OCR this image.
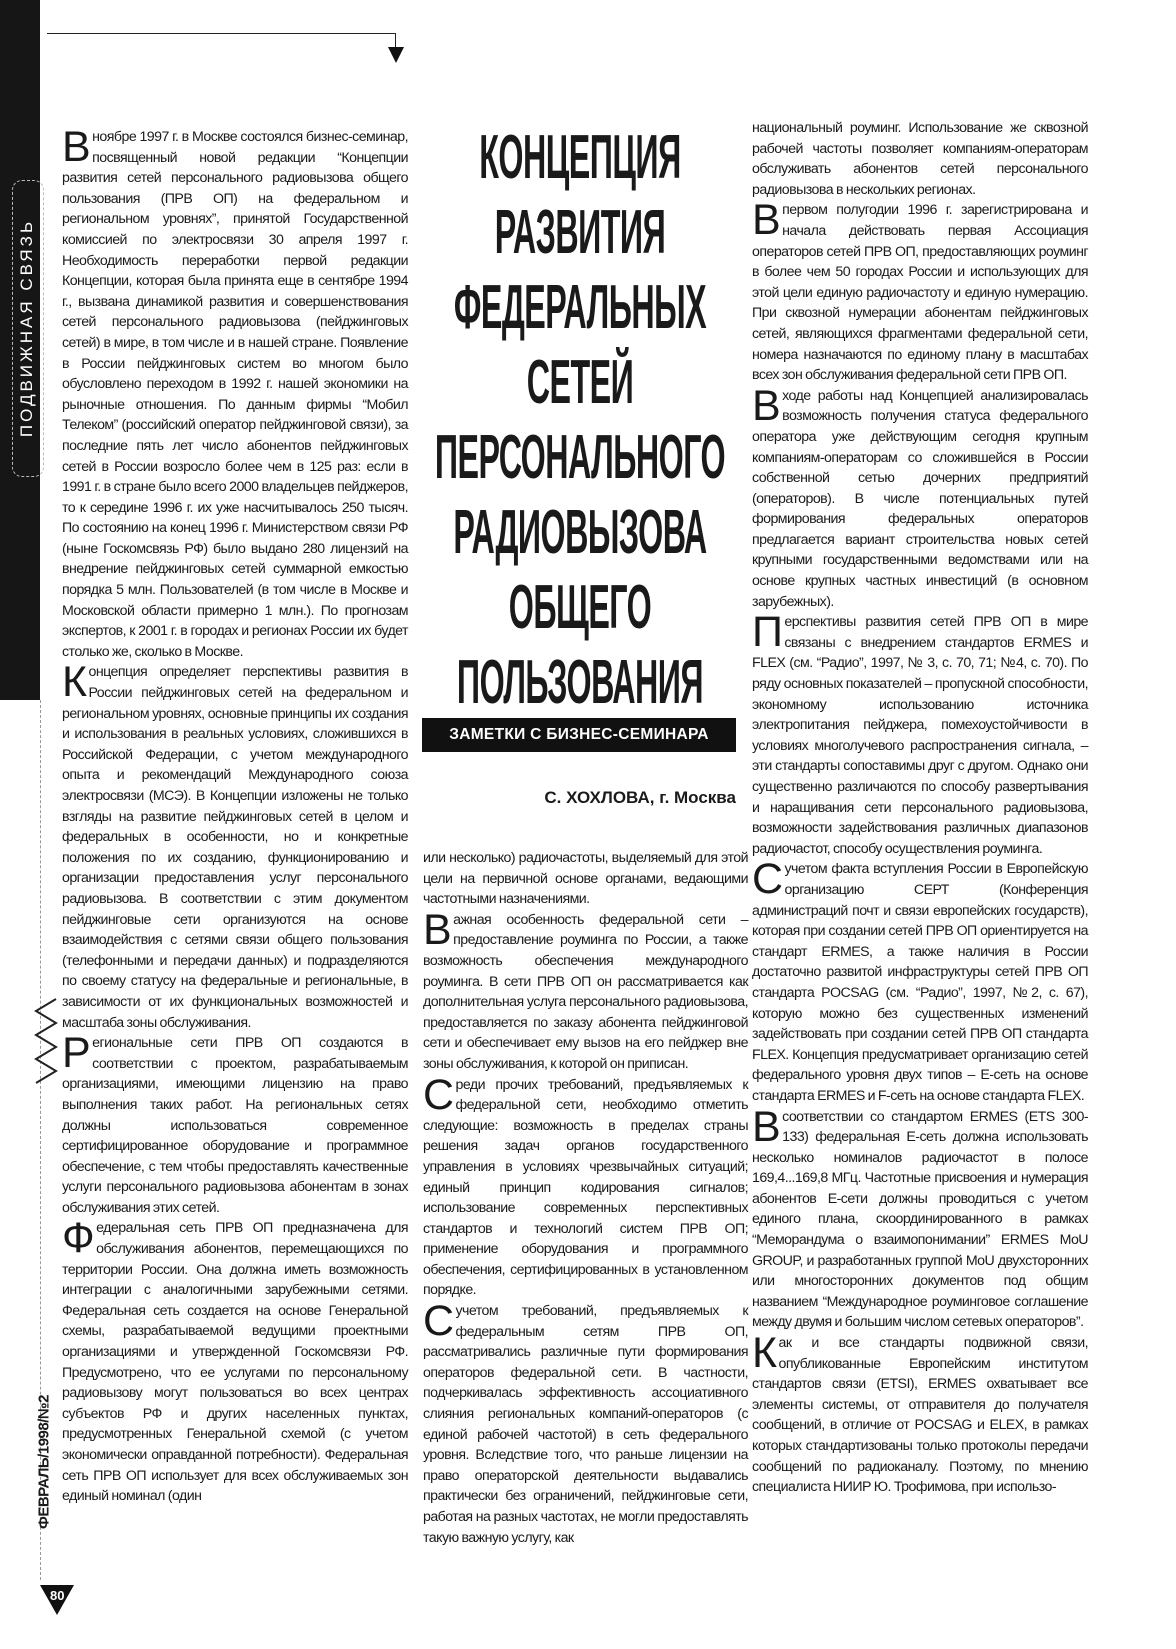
ПОДВИЖНАЯ СВЯЗЬ
ФЕВРАЛЬ/1998/№2
80
КОНЦЕПЦИЯ
РАЗВИТИЯ
ФЕДЕРАЛЬНЫХ
СЕТЕЙ
ПЕРСОНАЛЬНОГО
РАДИОВЫЗОВА
ОБЩЕГО
ПОЛЬЗОВАНИЯ
ЗАМЕТКИ С БИЗНЕС-СЕМИНАРА
С. ХОХЛОВА, г. Москва

Вноябре 1997 г. в Москве состоялся бизнес-семинар, посвященный новой редакции “Концепции развития сетей персонального радиовызова общего пользования (ПРВ ОП) на федеральном и региональном уровнях”, принятой Государственной комиссией по электросвязи 30 апреля 1997 г. Необходимость переработки первой редакции Концепции, которая была принята еще в сентябре 1994 г., вызвана динамикой развития и совершенствования сетей персонального радиовызова (пейджинговых сетей) в мире, в том числе и в нашей стране. Появление в России пейджинговых систем во многом было обусловлено переходом в 1992 г. нашей экономики на рыночные отношения. По данным фирмы “Мобил Телеком” (российский оператор пейджинговой связи), за последние пять лет число абонентов пейджинговых сетей в России возросло более чем в 125 раз: если в 1991 г. в стране было всего 2000 владельцев пейджеров, то к середине 1996 г. их уже насчитывалось 250 тысяч. По состоянию на конец 1996 г. Министерством связи РФ (ныне Госкомсвязь РФ) было выдано 280 лицензий на внедрение пейджинговых сетей суммарной емкостью порядка 5 млн. Пользователей (в том числе в Москве и Московской области примерно 1 млн.). По прогнозам экспертов, к 2001 г. в городах и регионах России их будет столько же, сколько в Москве.

Концепция определяет перспективы развития в России пейджинговых сетей на федеральном и региональном уровнях, основные принципы их создания и использования в реальных условиях, сложившихся в Российской Федерации, с учетом международного опыта и рекомендаций Международного союза электросвязи (МСЭ). В Концепции изложены не только взгляды на развитие пейджинговых сетей в целом и федеральных в особенности, но и конкретные положения по их созданию, функционированию и организации предоставления услуг персонального радиовызова. В соответствии с этим документом пейджинговые сети организуются на основе взаимодействия с сетями связи общего пользования (телефонными и передачи данных) и подразделяются по своему статусу на федеральные и региональные, в зависимости от их функциональных возможностей и масштаба зоны обслуживания.

Региональные сети ПРВ ОП создаются в соответствии с проектом, разрабатываемым организациями, имеющими лицензию на право выполнения таких работ. На региональных сетях должны использоваться современное сертифицированное оборудование и программное обеспечение, с тем чтобы предоставлять качественные услуги персонального радиовызова абонентам в зонах обслуживания этих сетей.

Федеральная сеть ПРВ ОП предназначена для обслуживания абонентов, перемещающихся по территории России. Она должна иметь возможность интеграции с аналогичными зарубежными сетями. Федеральная сеть создается на основе Генеральной схемы, разрабатываемой ведущими проектными организациями и утвержденной Госкомсвязи РФ. Предусмотрено, что ее услугами по персональному радиовызову могут пользоваться во всех центрах субъектов РФ и других населенных пунктах, предусмотренных Генеральной схемой (с учетом экономически оправданной потребности). Федеральная сеть ПРВ ОП использует для всех обслуживаемых зон единый номинал (один

или несколько) радиочастоты, выделяемый для этой цели на первичной основе органами, ведающими частотными назначениями.

Важная особенность федеральной сети – предоставление роуминга по России, а также возможность обеспечения международного роуминга. В сети ПРВ ОП он рассматривается как дополнительная услуга персонального радиовызова, предоставляется по заказу абонента пейджинговой сети и обеспечивает ему вызов на его пейджер вне зоны обслуживания, к которой он приписан.

Среди прочих требований, предъявляемых к федеральной сети, необходимо отметить следующие: возможность в пределах страны решения задач органов государственного управления в условиях чрезвычайных ситуаций; единый принцип кодирования сигналов; использование современных перспективных стандартов и технологий систем ПРВ ОП; применение оборудования и программного обеспечения, сертифицированных в установленном порядке.

Сучетом требований, предъявляемых к федеральным сетям ПРВ ОП, рассматривались различные пути формирования операторов федеральной сети. В частности, подчеркивалась эффективность ассоциативного слияния региональных компаний-операторов (с единой рабочей частотой) в сеть федерального уровня. Вследствие того, что раньше лицензии на право операторской деятельности выдавались практически без ограничений, пейджинговые сети, работая на разных частотах, не могли предоставлять такую важную услугу, как

национальный роуминг. Использование же сквозной рабочей частоты позволяет компаниям-операторам обслуживать абонентов сетей персонального радиовызова в нескольких регионах.

Впервом полугодии 1996 г. зарегистрирована и начала действовать первая Ассоциация операторов сетей ПРВ ОП, предоставляющих роуминг в более чем 50 городах России и использующих для этой цели единую радиочастоту и единую нумерацию. При сквозной нумерации абонентам пейджинговых сетей, являющихся фрагментами федеральной сети, номера назначаются по единому плану в масштабах всех зон обслуживания федеральной сети ПРВ ОП.

Входе работы над Концепцией анализировалась возможность получения статуса федерального оператора уже действующим сегодня крупным компаниям-операторам со сложившейся в России собственной сетью дочерних предприятий (операторов). В числе потенциальных путей формирования федеральных операторов предлагается вариант строительства новых сетей крупными государственными ведомствами или на основе крупных частных инвестиций (в основном зарубежных).

Перспективы развития сетей ПРВ ОП в мире связаны с внедрением стандартов ERMES и FLEX (см. “Радио”, 1997, № 3, с. 70, 71; №4, с. 70). По ряду основных показателей – пропускной способности, экономному использованию источника электропитания пейджера, помехоустойчивости в условиях многолучевого распространения сигнала, – эти стандарты сопоставимы друг с другом. Однако они существенно различаются по способу развертывания и наращивания сети персонального радиовызова, возможности задействования различных диапазонов радиочастот, способу осуществления роуминга.

Сучетом факта вступления России в Европейскую организацию СЕРТ (Конференция администраций почт и связи европейских государств), которая при создании сетей ПРВ ОП ориентируется на стандарт ERMES, а также наличия в России достаточно развитой инфраструктуры сетей ПРВ ОП стандарта POCSAG (см. “Радио”, 1997, №2, с. 67), которую можно без существенных изменений задействовать при создании сетей ПРВ ОП стандарта FLEX. Концепция предусматривает организацию сетей федерального уровня двух типов – Е-сеть на основе стандарта ERMES и F-сеть на основе стандарта FLEX.

Всоответствии со стандартом ERMES (ETS 300-133) федеральная Е-сеть должна использовать несколько номиналов радиочастот в полосе 169,4...169,8 МГц. Частотные присвоения и нумерация абонентов Е-сети должны проводиться с учетом единого плана, скоординированного в рамках “Меморандума о взаимопонимании” ERMES MoU GROUP, и разработанных группой MoU двухсторонних или многосторонних документов под общим названием “Международное роуминговое соглашение между двумя и большим числом сетевых операторов”.

Как и все стандарты подвижной связи, опубликованные Европейским институтом стандартов связи (ETSI), ERMES охватывает все элементы системы, от отправителя до получателя сообщений, в отличие от POCSAG и ELEX, в рамках которых стандартизованы только протоколы передачи сообщений по радиоканалу. Поэтому, по мнению специалиста НИИР Ю. Трофимова, при использо-
